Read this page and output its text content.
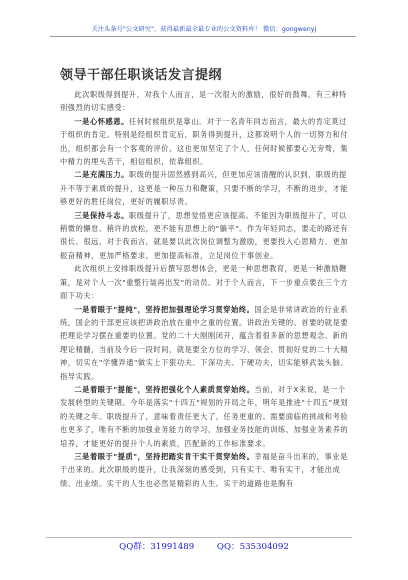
关注头条号"公文研究"，获得最新最全最专业的公文资料库！ 微信：gongwenyj
领导干部任职谈话发言提纲

此次职级得到提升，对我个人而言，是一次很大的激励，很好的鼓舞。有三种特别强烈的切实感受：

一是心怀感恩。任何时候组织是靠山。对于一名青年同志而言，最大的肯定莫过于组织的肯定。特别是经组织肯定后，职务得到提升，这都说明个人的一切努力和付出，组织都会有一个客观的评价。这也更加坚定了个人，任何时候都要心无旁骛，集中精力的埋头苦干，相信组织，依靠组织。

二是充满压力。职级的提升固然感到高兴，但更加应该清醒的认识到，职级的提升不等于素质的提升，这更是一种压力和鞭策，只要不断的学习，不断的进步，才能够更好的胜任岗位，更好的履职尽责。

三是保持斗志。职级提升了，思想觉悟更应该提高。不能因为职级提升了，可以稍微的懈怠、稍许的放松，更不能有思想上的"躺平"。作为年轻同志，要走的路还有很长、很远，对于我而言，就是要以此次岗位调整为激励，更要投入心思精力、更加振奋精神，更加严格要求，更加提高标准，立足岗位干事创业。

此次组织上安排职级提升后撰写思想体会，更是一种思想教育，更是一种激励鞭策，是对个人一次"重整行装再出发"的动员。对于个人而言，下一步重点要在三个方面下功夫：

一是着眼于"提纯"，坚持把加强理论学习贯穿始终。国企是非常讲政治的行业系统，国企的干部更应该把讲政治放在重中之重的位置。讲政治关键的、首要的就是要把理论学习摆在重要的位置。党的二十大刚刚闭开，蕴含着很多新的思想观念、新的理论精髓，当前及今后一段时间，就是要全方位的学习、领会、贯彻好党的二十大精神，切实在"学懂弄通"做实上下狠功夫、下深功夫、下硬功夫，切实能够武装头脑、指导实践。

二是着眼于"提能"，坚持把强化个人素质贯穿始终。当前，对于X来说，是一个发展转型的关键期。今年是落实"十四五"规划的开局之年，明年是推进"十四五"规划的关键之年。职级提升了，意味着责任更大了，任务更重的。需要面临的挑战和考验也更多了，唯有不断的加强业务能力的学习，加强业务技能的训练、加强业务素养的培养，才能更好的提升个人的素质，匹配新的工作标准要求。

三是着眼于"提质"，坚持把踏实肯干实干贯穿始终。幸福是奋斗出来的，事业是干出来的。此次职级的提升，让我深刻的感受到，只有实干、唯有实干，才能出成绩、出业绩。实干的人生也必然是精彩的人生。实干的道路也是胸有

QQ群：31991489	QQ：535304092
